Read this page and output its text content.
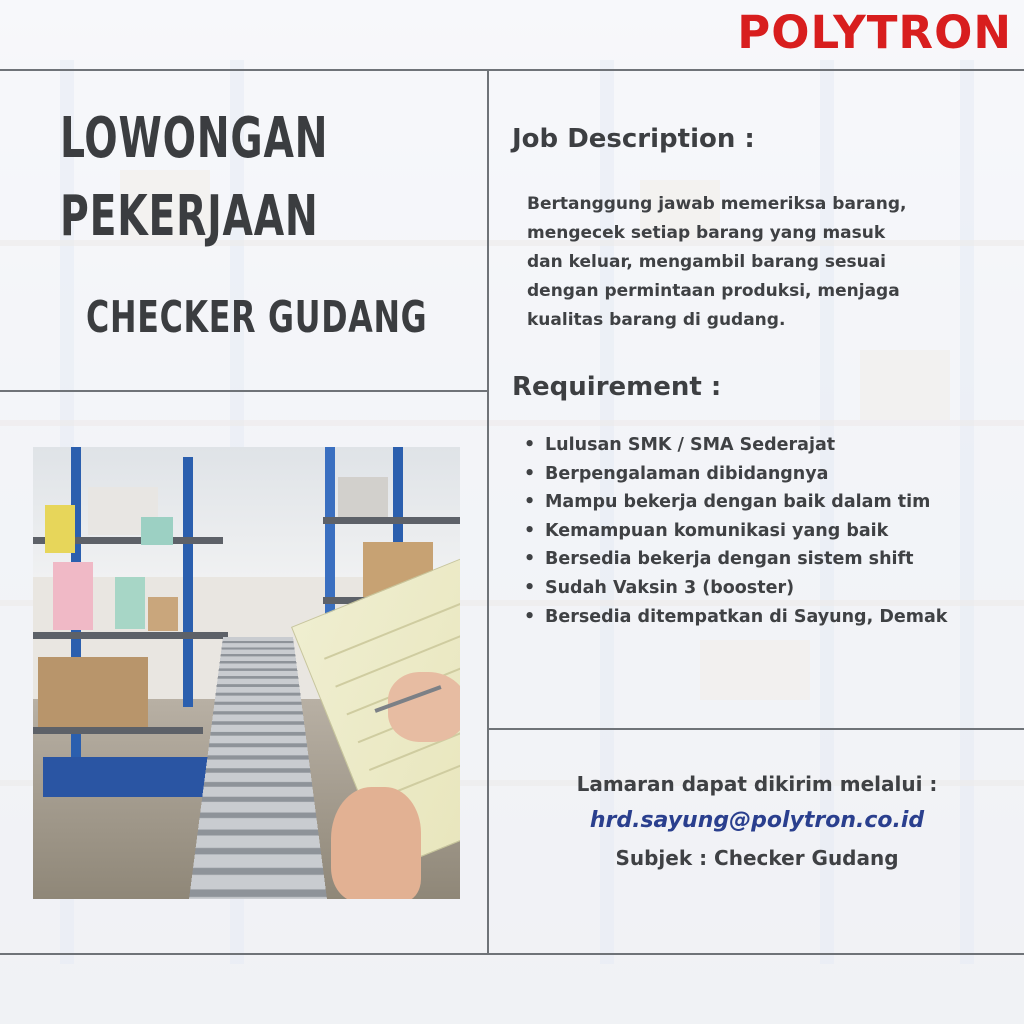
POLYTRON
LOWONGAN
PEKERJAAN
CHECKER GUDANG
Job Description :
Bertanggung jawab memeriksa barang,
mengecek setiap barang yang masuk
dan keluar, mengambil barang sesuai
dengan permintaan produksi, menjaga
kualitas barang di gudang.
Requirement :
• Lulusan SMK / SMA Sederajat
• Berpengalaman dibidangnya
• Mampu bekerja dengan baik dalam tim
• Kemampuan komunikasi yang baik
• Bersedia bekerja dengan sistem shift
• Sudah Vaksin 3 (booster)
• Bersedia ditempatkan di Sayung, Demak
Lamaran dapat dikirim melalui :
hrd.sayung@polytron.co.id
Subjek : Checker Gudang
